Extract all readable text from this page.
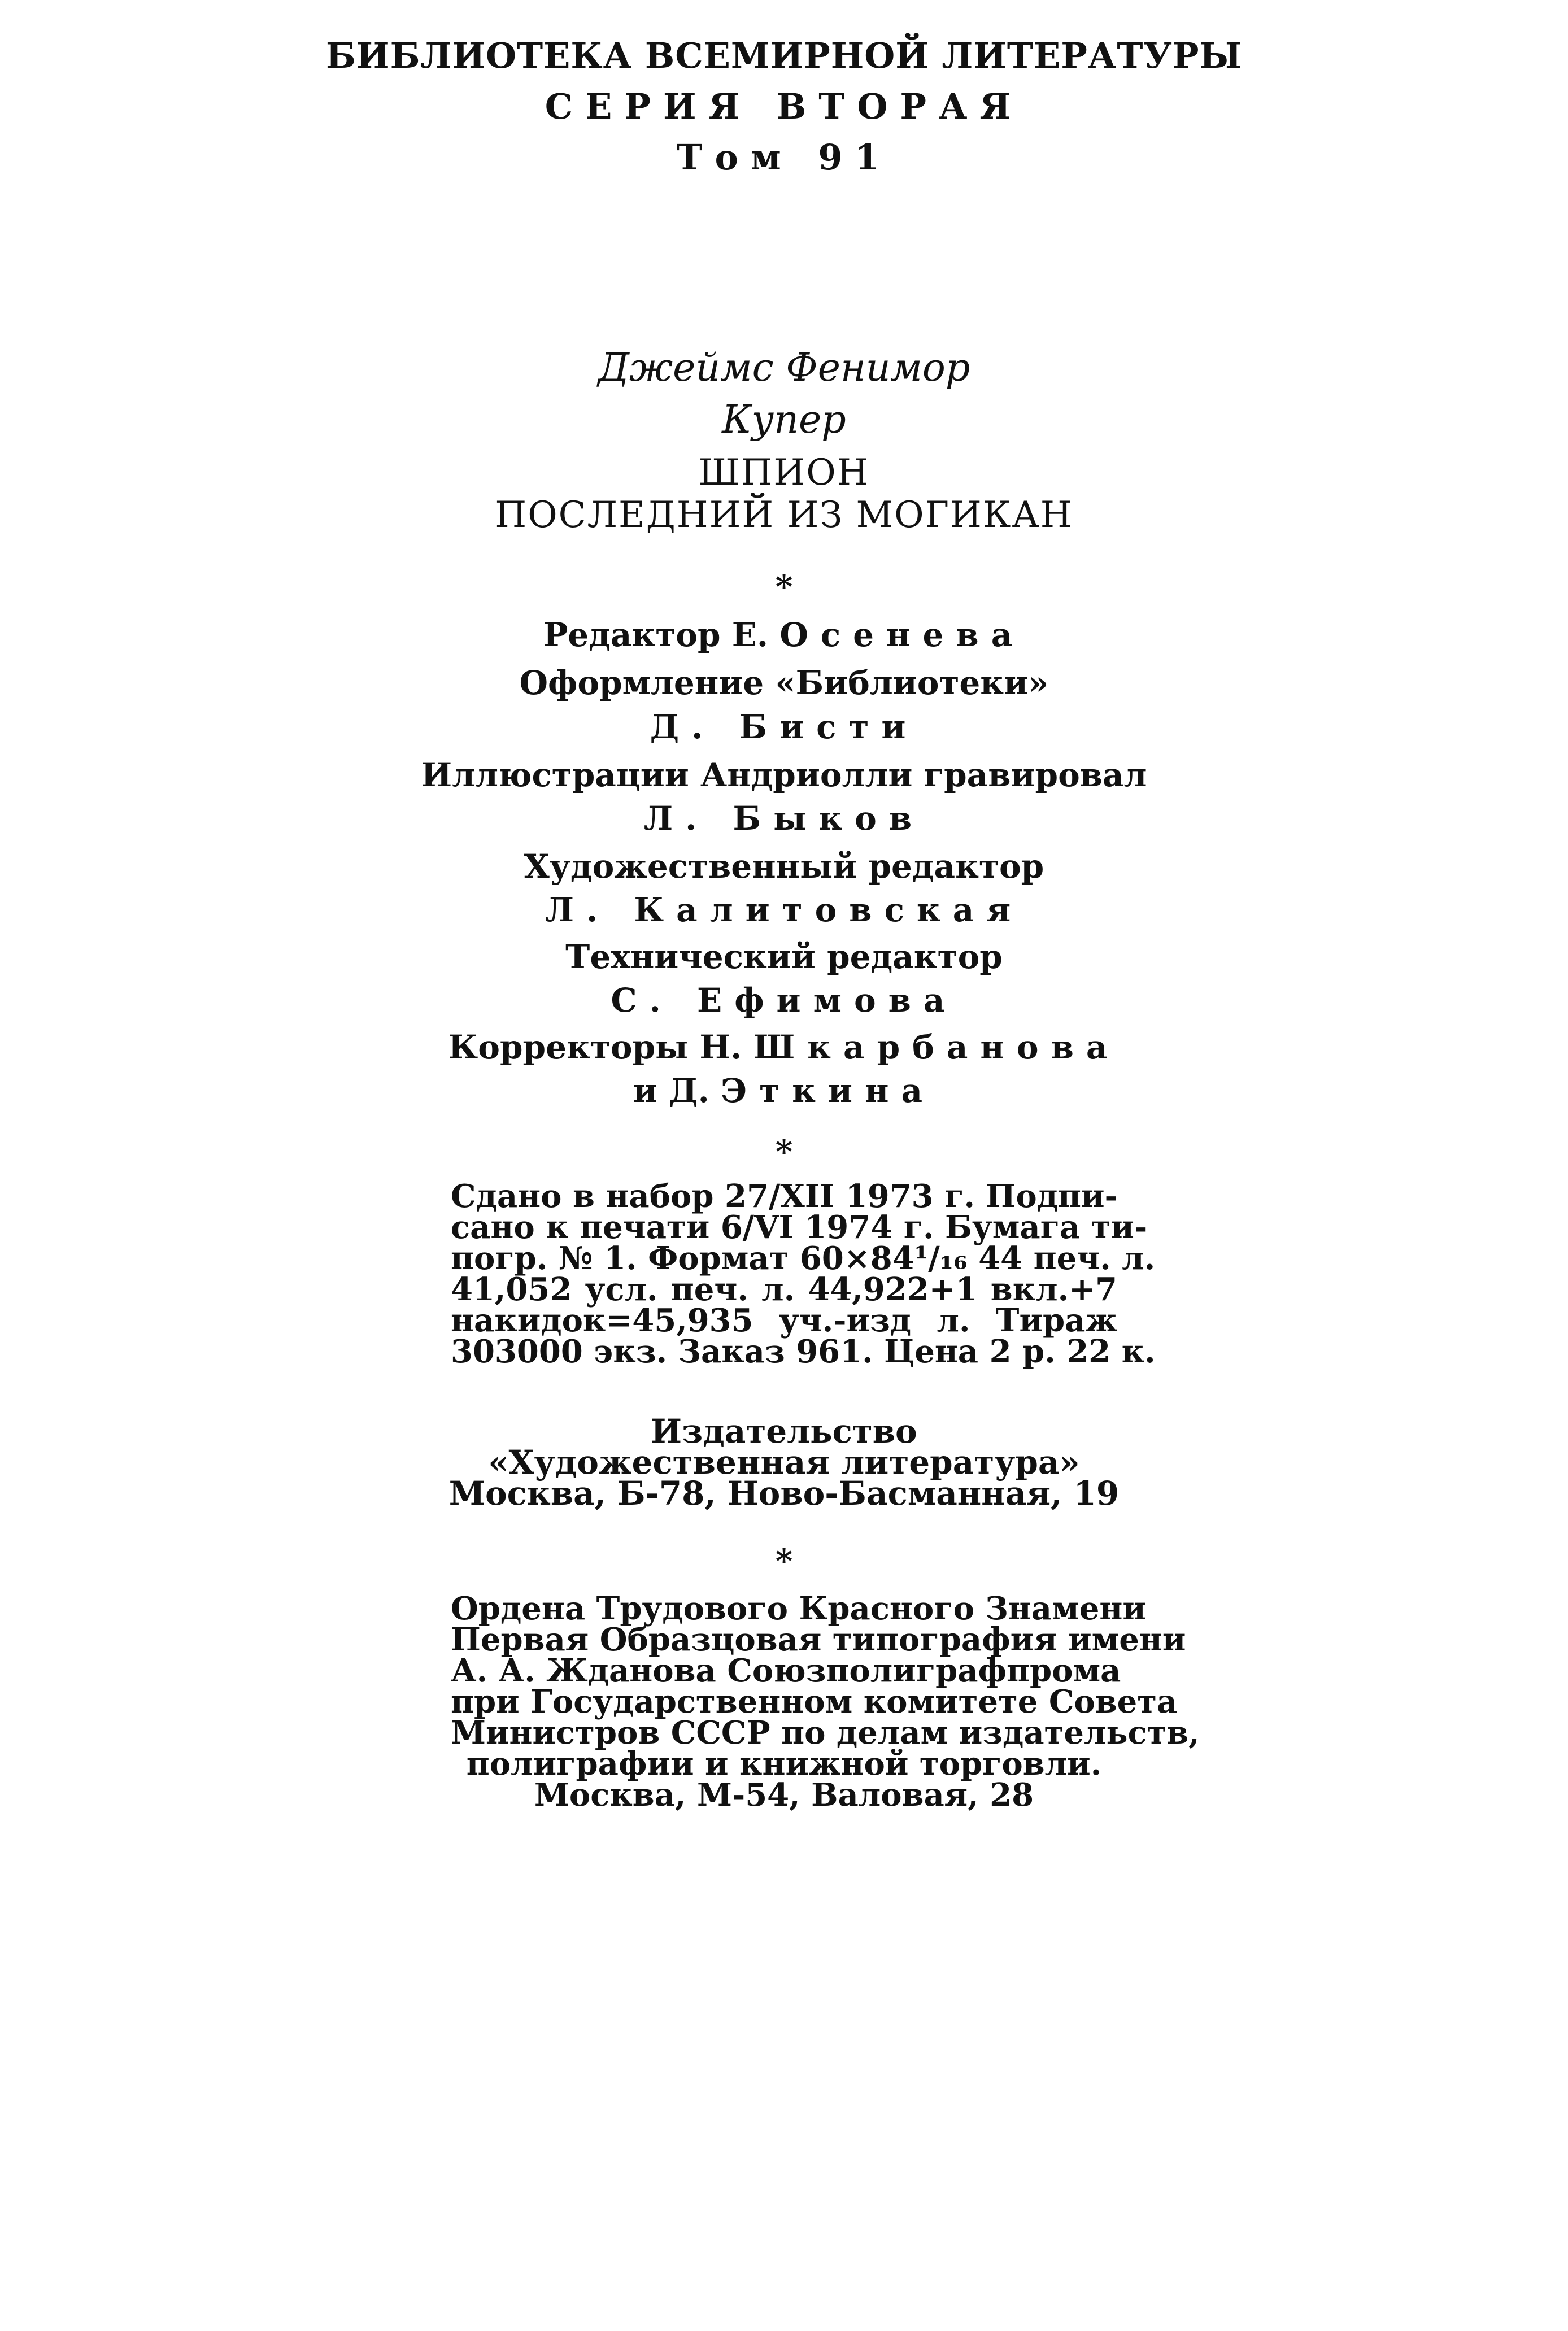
БИБЛИОТЕКА ВСЕМИРНОЙ ЛИТЕРАТУРЫ
СЕРИЯ ВТОРАЯ
Том 91
Джеймс Фенимор
Купер
ШПИОН
ПОСЛЕДНИЙ ИЗ МОГИКАН
*
Редактор Е. Осенева
Оформление «Библиотеки»
Д. Бисти
Иллюстрации Андриолли гравировал
Л. Быков
Художественный редактор
Л. Калитовская
Технический редактор
С. Ефимова
Корректоры Н. Шкарбанова
и Д. Эткина
*
Сдано в набор 27/XII 1973 г. Подпи-
сано к печати 6/VI 1974 г. Бумага ти-
погр. № 1. Формат 60×84¹/₁₆ 44 печ. л.
41,052 усл. печ. л. 44,922+1 вкл.+7
накидок=45,935 уч.-изд л. Тираж
303000 экз. Заказ 961. Цена 2 р. 22 к.
Издательство
«Художественная литература»
Москва, Б-78, Ново-Басманная, 19
*
Ордена Трудового Красного Знамени
Первая Образцовая типография имени
А. А. Жданова Союзполиграфпрома
при Государственном комитете Совета
Министров СССР по делам издательств,
полиграфии и книжной торговли.
Москва, М-54, Валовая, 28
